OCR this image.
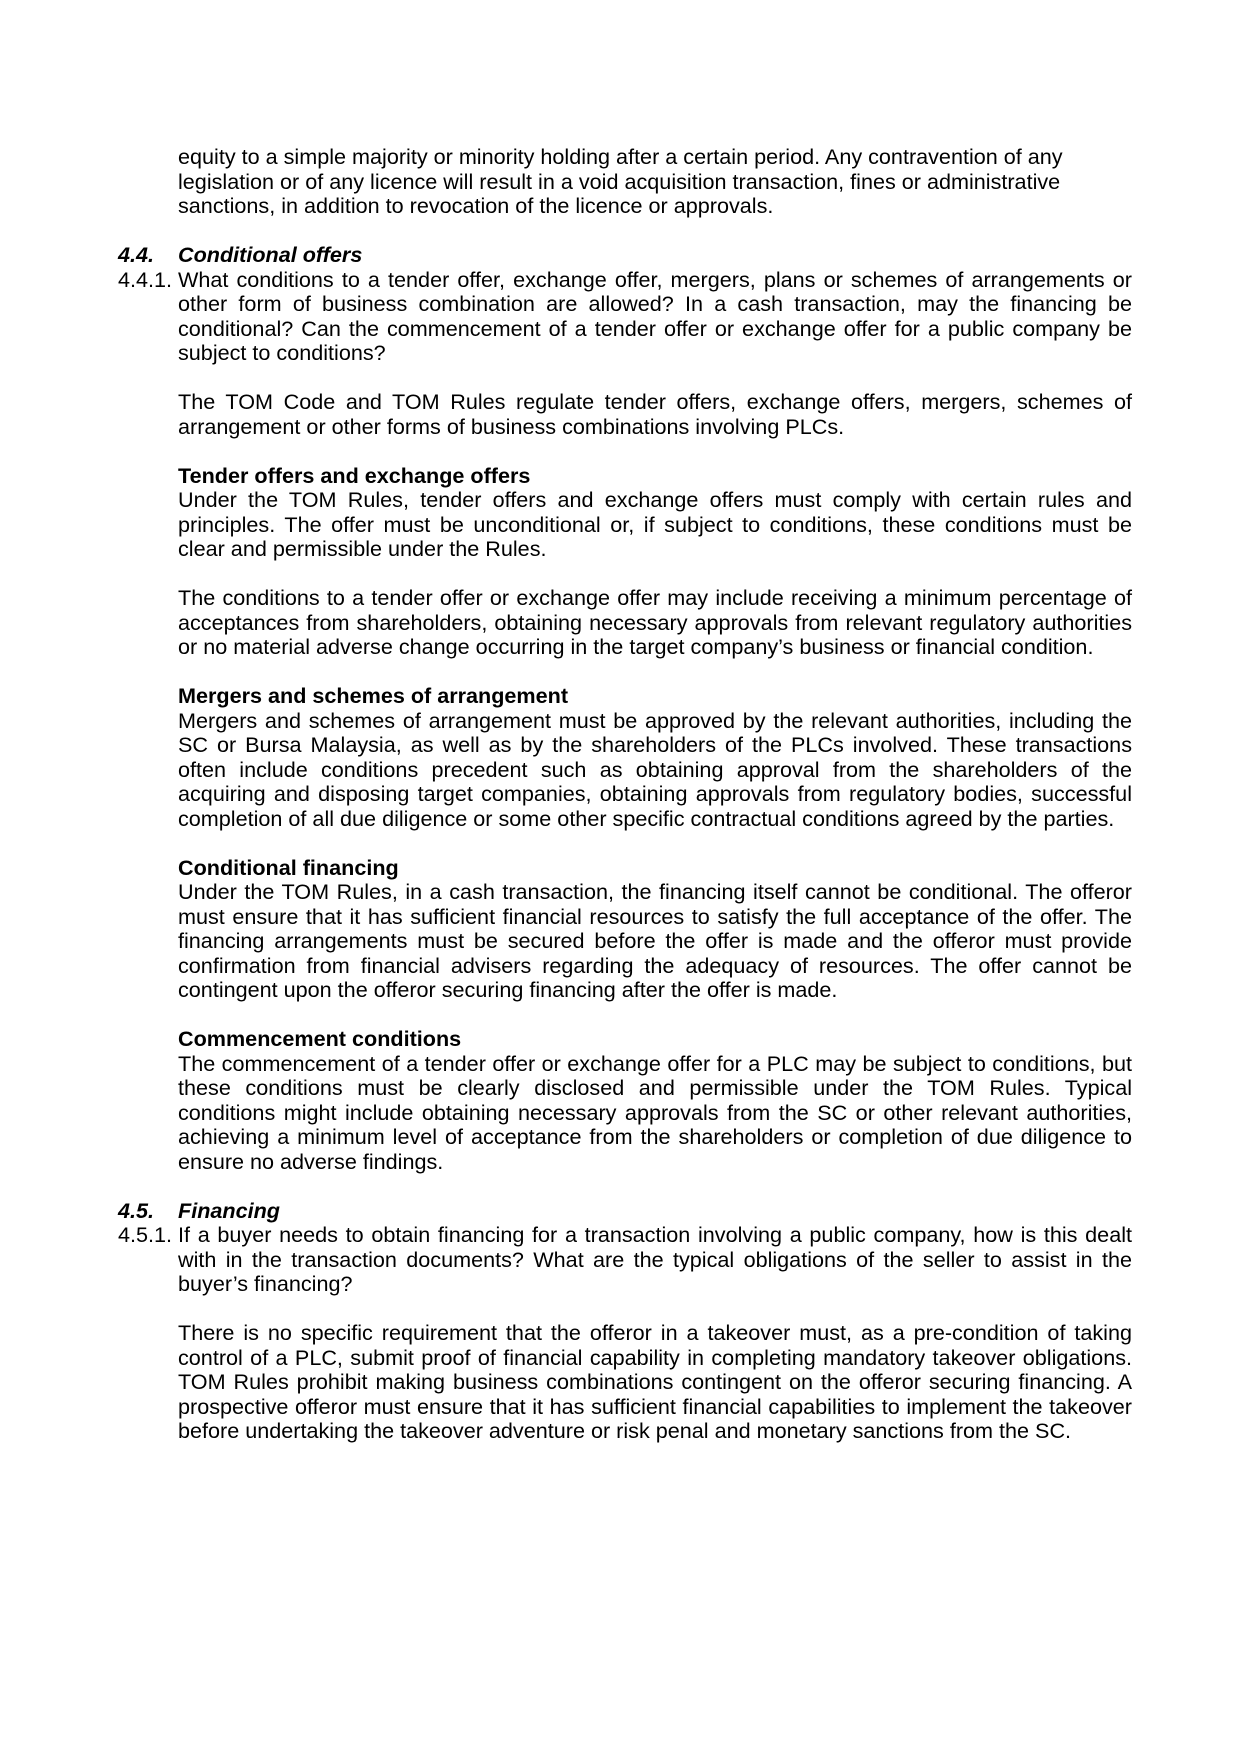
equity to a simple majority or minority holding after a certain period. Any contravention of any legislation or of any licence will result in a void acquisition transaction, fines or administrative sanctions, in addition to revocation of the licence or approvals.

4.4.	Conditional offers
4.4.1. What conditions to a tender offer, exchange offer, mergers, plans or schemes of arrangements or other form of business combination are allowed? In a cash transaction, may the financing be conditional? Can the commencement of a tender offer or exchange offer for a public company be subject to conditions?

The TOM Code and TOM Rules regulate tender offers, exchange offers, mergers, schemes of arrangement or other forms of business combinations involving PLCs.

Tender offers and exchange offers

Under the TOM Rules, tender offers and exchange offers must comply with certain rules and principles. The offer must be unconditional or, if subject to conditions, these conditions must be clear and permissible under the Rules.

The conditions to a tender offer or exchange offer may include receiving a minimum percentage of acceptances from shareholders, obtaining necessary approvals from relevant regulatory authorities or no material adverse change occurring in the target company’s business or financial condition.

Mergers and schemes of arrangement

Mergers and schemes of arrangement must be approved by the relevant authorities, including the SC or Bursa Malaysia, as well as by the shareholders of the PLCs involved. These transactions often include conditions precedent such as obtaining approval from the shareholders of the acquiring and disposing target companies, obtaining approvals from regulatory bodies, successful completion of all due diligence or some other specific contractual conditions agreed by the parties.

Conditional financing

Under the TOM Rules, in a cash transaction, the financing itself cannot be conditional. The offeror must ensure that it has sufficient financial resources to satisfy the full acceptance of the offer. The financing arrangements must be secured before the offer is made and the offeror must provide confirmation from financial advisers regarding the adequacy of resources. The offer cannot be contingent upon the offeror securing financing after the offer is made.

Commencement conditions

The commencement of a tender offer or exchange offer for a PLC may be subject to conditions, but these conditions must be clearly disclosed and permissible under the TOM Rules. Typical conditions might include obtaining necessary approvals from the SC or other relevant authorities, achieving a minimum level of acceptance from the shareholders or completion of due diligence to ensure no adverse findings.

4.5.	Financing
4.5.1. If a buyer needs to obtain financing for a transaction involving a public company, how is this dealt with in the transaction documents? What are the typical obligations of the seller to assist in the buyer’s financing?

There is no specific requirement that the offeror in a takeover must, as a pre-condition of taking control of a PLC, submit proof of financial capability in completing mandatory takeover obligations. TOM Rules prohibit making business combinations contingent on the offeror securing financing. A prospective offeror must ensure that it has sufficient financial capabilities to implement the takeover before undertaking the takeover adventure or risk penal and monetary sanctions from the SC.
